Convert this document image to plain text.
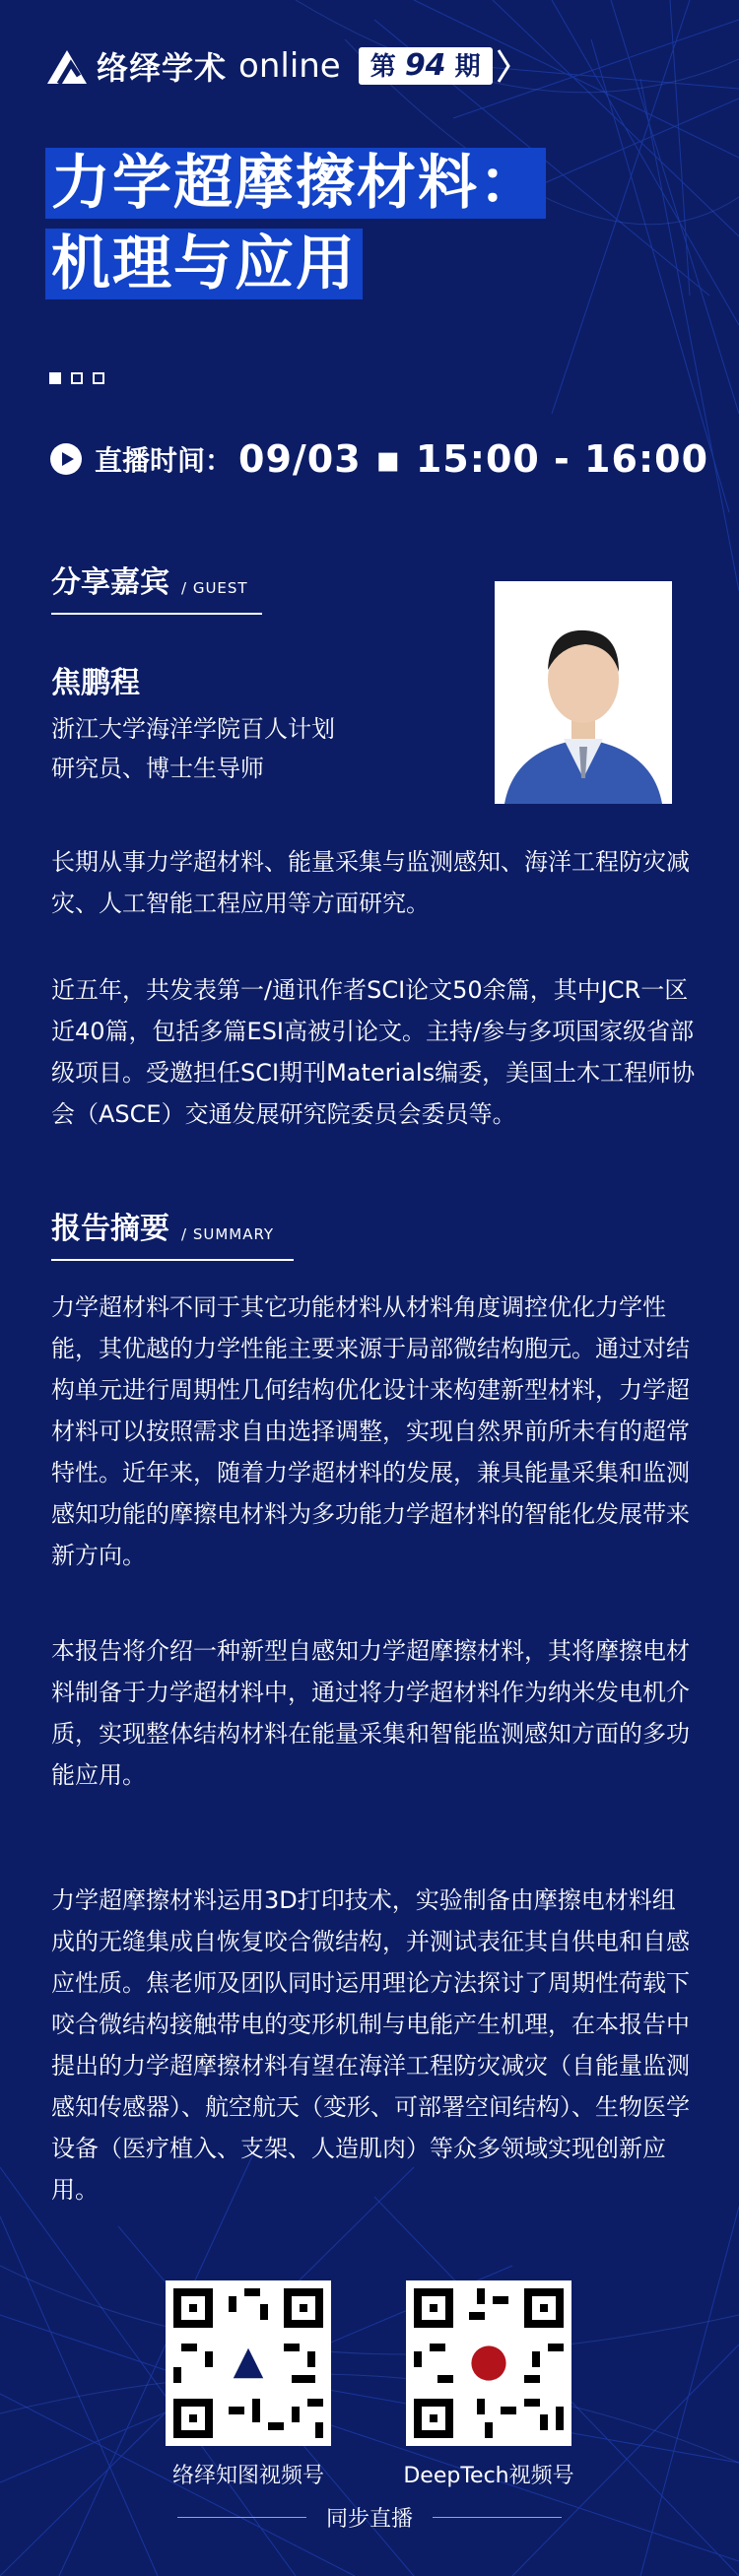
络绎学术 online	第 94 期
力学超摩擦材料：
机理与应用
直播时间： 09/03 ▪ 15:00 - 16:00
分享嘉宾 / GUEST
焦鹏程
浙江大学海洋学院百人计划
研究员、博士生导师
长期从事力学超材料、能量采集与监测感知、海洋工程防灾减灾、人工智能工程应用等方面研究。
近五年，共发表第一/通讯作者SCI论文50余篇，其中JCR一区近40篇，包括多篇ESI高被引论文。主持/参与多项国家级省部级项目。受邀担任SCI期刊Materials编委，美国土木工程师协会（ASCE）交通发展研究院委员会委员等。
报告摘要 / SUMMARY
力学超材料不同于其它功能材料从材料角度调控优化力学性能，其优越的力学性能主要来源于局部微结构胞元。通过对结构单元进行周期性几何结构优化设计来构建新型材料，力学超材料可以按照需求自由选择调整，实现自然界前所未有的超常特性。近年来，随着力学超材料的发展，兼具能量采集和监测感知功能的摩擦电材料为多功能力学超材料的智能化发展带来新方向。
本报告将介绍一种新型自感知力学超摩擦材料，其将摩擦电材料制备于力学超材料中，通过将力学超材料作为纳米发电机介质，实现整体结构材料在能量采集和智能监测感知方面的多功能应用。
力学超摩擦材料运用3D打印技术，实验制备由摩擦电材料组成的无缝集成自恢复咬合微结构，并测试表征其自供电和自感应性质。焦老师及团队同时运用理论方法探讨了周期性荷载下咬合微结构接触带电的变形机制与电能产生机理，在本报告中提出的力学超摩擦材料有望在海洋工程防灾减灾（自能量监测感知传感器）、航空航天（变形、可部署空间结构）、生物医学设备（医疗植入、支架、人造肌肉）等众多领域实现创新应用。
络绎知图视频号	DeepTech视频号
同步直播
